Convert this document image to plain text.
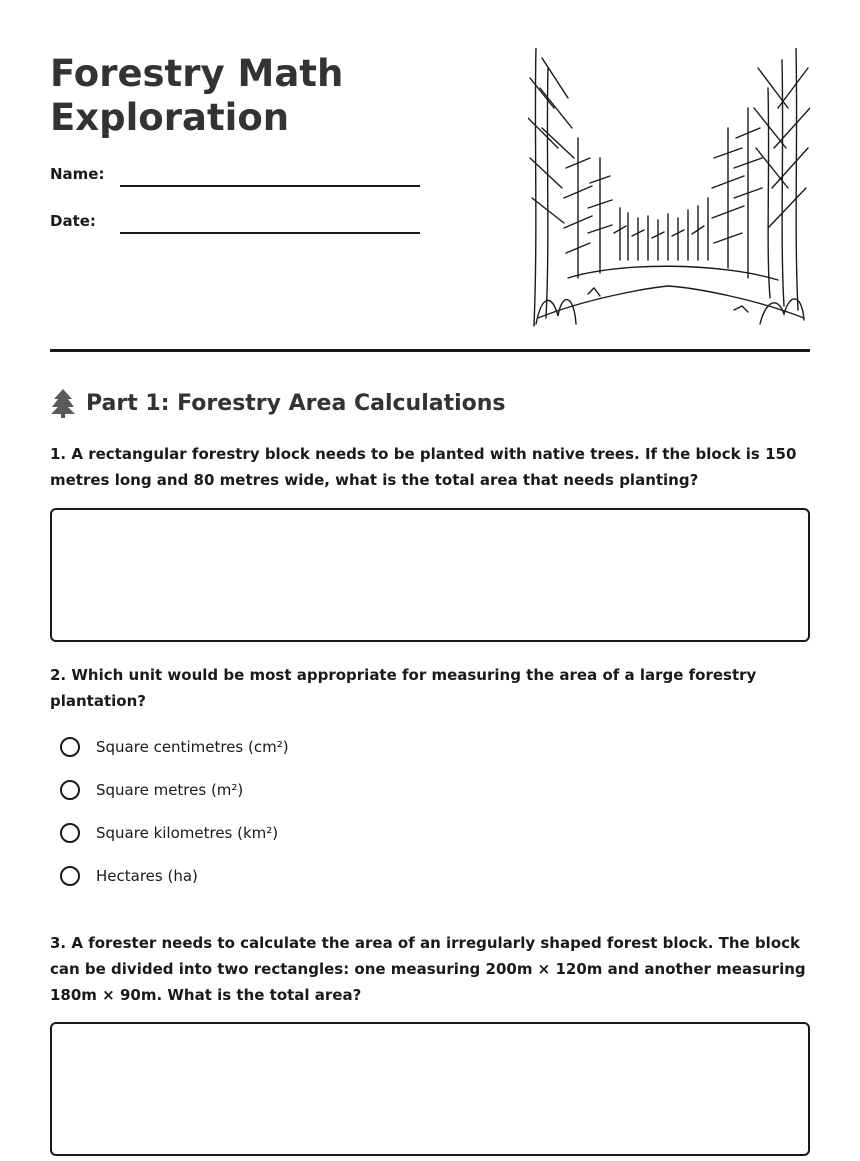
Forestry Math
Exploration
Name:
Date:
Part 1: Forestry Area Calculations

1. A rectangular forestry block needs to be planted with native trees. If the block is 150 metres long and 80 metres wide, what is the total area that needs planting?

2. Which unit would be most appropriate for measuring the area of a large forestry plantation?

Square centimetres (cm²)
Square metres (m²)
Square kilometres (km²)
Hectares (ha)

3. A forester needs to calculate the area of an irregularly shaped forest block. The block can be divided into two rectangles: one measuring 200m × 120m and another measuring 180m × 90m. What is the total area?
